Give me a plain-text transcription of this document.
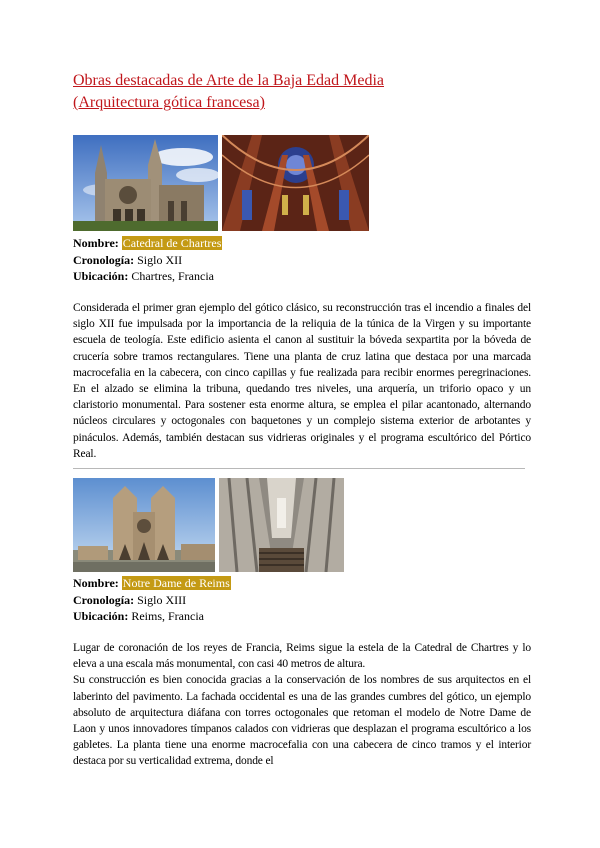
Obras destacadas de Arte de la Baja Edad Media
(Arquitectura gótica francesa)
Nombre: Catedral de Chartres
Cronología: Siglo XII
Ubicación: Chartres, Francia

Considerada el primer gran ejemplo del gótico clásico, su reconstrucción tras el incendio a finales del siglo XII fue impulsada por la importancia de la reliquia de la túnica de la Virgen y su importante escuela de teología. Este edificio asienta el canon al sustituir la bóveda sexpartita por la bóveda de crucería sobre tramos rectangulares. Tiene una planta de cruz latina que destaca por una marcada macrocefalia en la cabecera, con cinco capillas y fue realizada para recibir enormes peregrinaciones. En el alzado se elimina la tribuna, quedando tres niveles, una arquería, un triforio opaco y un claristorio monumental. Para sostener esta enorme altura, se emplea el pilar acantonado, alternando núcleos circulares y octogonales con baquetones y un complejo sistema exterior de arbotantes y pináculos. Además, también destacan sus vidrieras originales y el programa escultórico del Pórtico Real.

Nombre: Notre Dame de Reims
Cronología: Siglo XIII
Ubicación: Reims, Francia

Lugar de coronación de los reyes de Francia, Reims sigue la estela de la Catedral de Chartres y lo eleva a una escala más monumental, con casi 40 metros de altura.

Su construcción es bien conocida gracias a la conservación de los nombres de sus arquitectos en el laberinto del pavimento. La fachada occidental es una de las grandes cumbres del gótico, un ejemplo absoluto de arquitectura diáfana con torres octogonales que retoman el modelo de Notre Dame de Laon y unos innovadores tímpanos calados con vidrieras que desplazan el programa escultórico a los gabletes. La planta tiene una enorme macrocefalia con una cabecera de cinco tramos y el interior destaca por su verticalidad extrema, donde el
